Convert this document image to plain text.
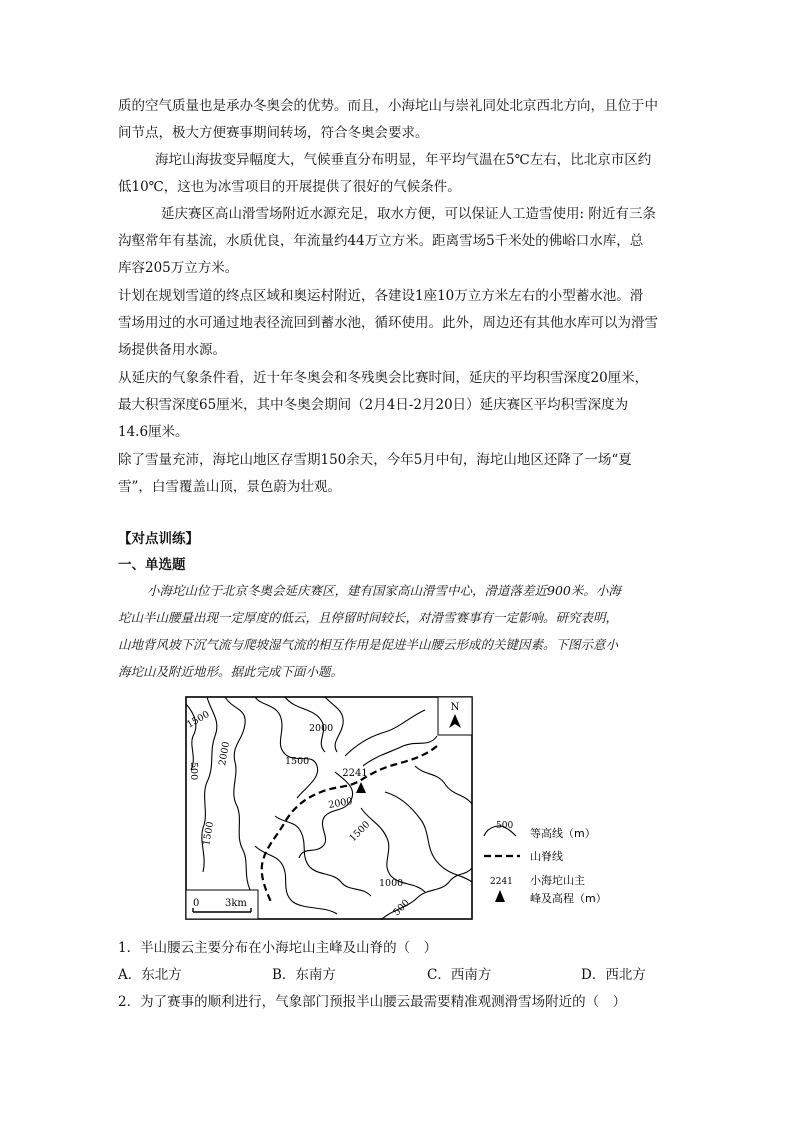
质的空气质量也是承办冬奥会的优势。而且，小海坨山与崇礼同处北京西北方向，且位于中
间节点，极大方便赛事期间转场，符合冬奥会要求。
海坨山海拔变异幅度大，气候垂直分布明显，年平均气温在5℃左右，比北京市区约
低10℃，这也为冰雪项目的开展提供了很好的气候条件。
延庆赛区高山滑雪场附近水源充足，取水方便，可以保证人工造雪使用: 附近有三条
沟壑常年有基流，水质优良，年流量约44万立方米。距离雪场5千米处的佛峪口水库，总
库容205万立方米。
计划在规划雪道的终点区域和奥运村附近，各建设1座10万立方米左右的小型蓄水池。滑
雪场用过的水可通过地表径流回到蓄水池，循环使用。此外，周边还有其他水库可以为滑雪
场提供备用水源。
从延庆的气象条件看，近十年冬奥会和冬残奥会比赛时间，延庆的平均积雪深度20厘米，
最大积雪深度65厘米，其中冬奥会期间（2月4日-2月20日）延庆赛区平均积雪深度为
14.6厘米。
除了雪量充沛，海坨山地区存雪期150余天，今年5月中旬，海坨山地区还降了一场“夏
雪”，白雪覆盖山顶，景色蔚为壮观。
【对点训练】
一、单选题
小海坨山位于北京冬奥会延庆赛区，建有国家高山滑雪中心，滑道落差近900米。小海
坨山半山腰量出现一定厚度的低云，且停留时间较长，对滑雪赛事有一定影响。研究表明，
山地背风坡下沉气流与爬坡湿气流的相互作用是促进半山腰云形成的关键因素。下图示意小
海坨山及附近地形。据此完成下面小题。
N
2241
1500	2000
1500
500
2000
2000
1500	1500
1000
500
0	3km
500
等高线（m）
山脊线
2241 小海坨山主
峰及高程（m）
1．半山腰云主要分布在小海坨山主峰及山脊的（　）
A．东北方	B．东南方	C．西南方	D．西北方
2．为了赛事的顺利进行，气象部门预报半山腰云最需要精准观测滑雪场附近的（　）
